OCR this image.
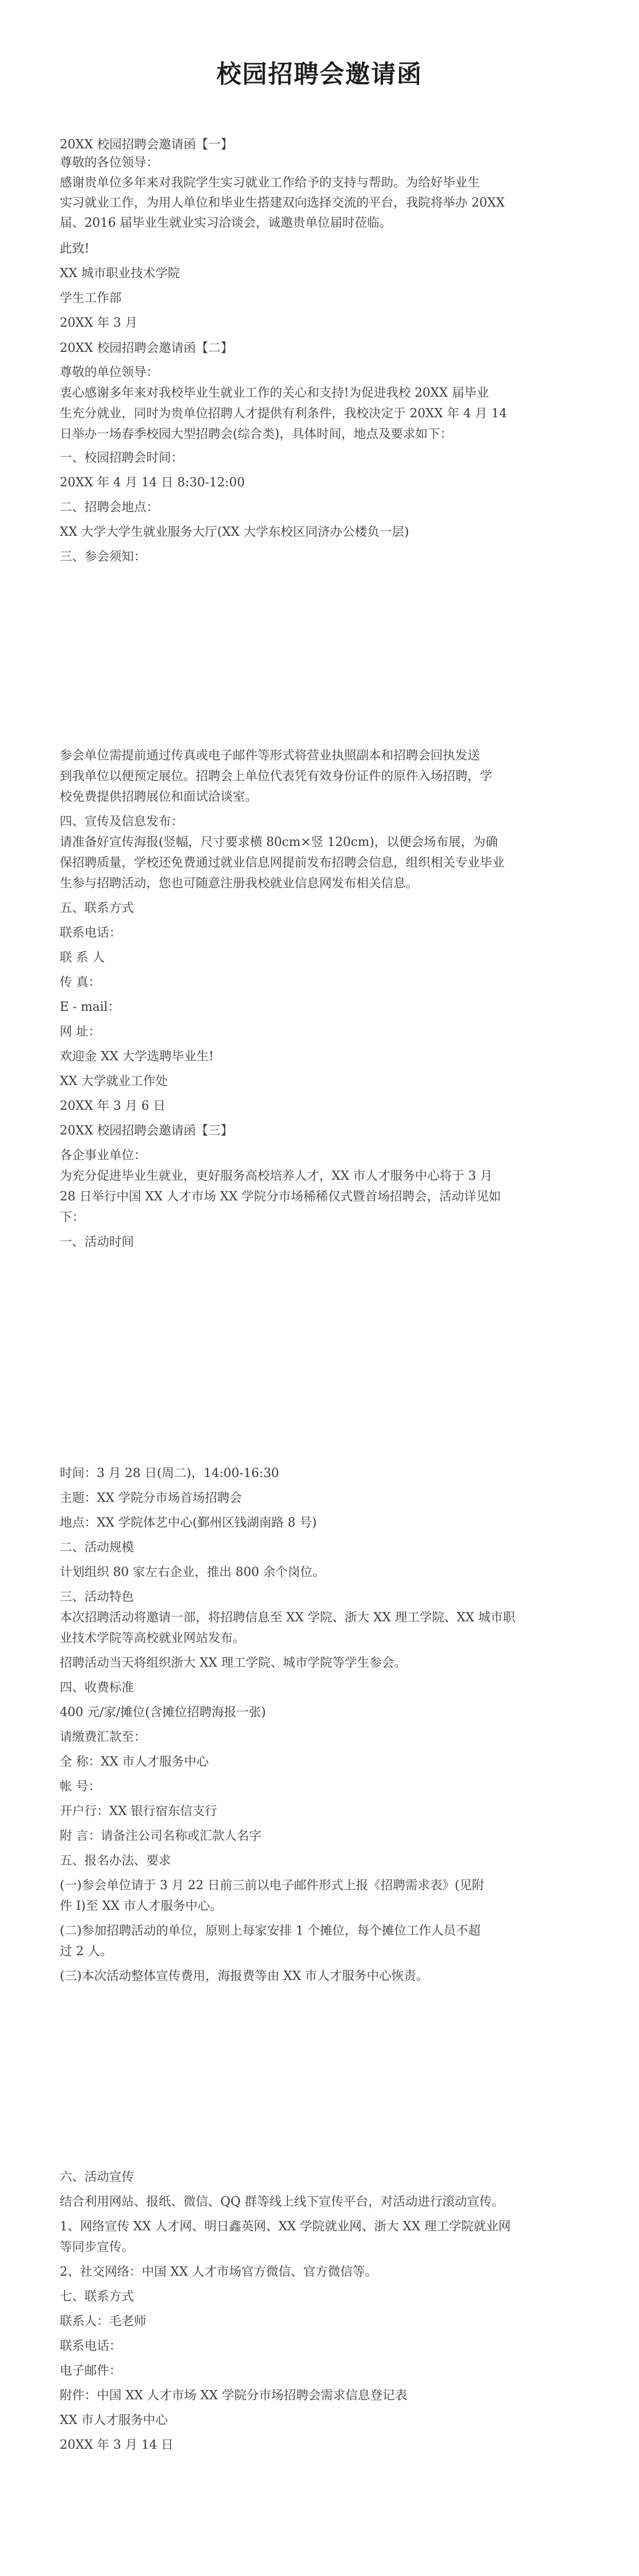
校园招聘会邀请函
20XX 校园招聘会邀请函【一】
尊敬的各位领导：
感谢贵单位多年来对我院学生实习就业工作给予的支持与帮助。为给好毕业生
实习就业工作，为用人单位和毕业生搭建双向选择交流的平台，我院将举办 20XX
届、2016 届毕业生就业实习洽谈会，诚邀贵单位届时莅临。
此致!
XX 城市职业技术学院
学生工作部
20XX 年 3 月
20XX 校园招聘会邀请函【二】
尊敬的单位领导：
衷心感谢多年来对我校毕业生就业工作的关心和支持!为促进我校 20XX 届毕业
生充分就业，同时为贵单位招聘人才提供有利条件，我校决定于 20XX 年 4 月 14
日举办一场春季校园大型招聘会(综合类)，具体时间，地点及要求如下：
一、校园招聘会时间：
20XX 年 4 月 14 日 8:30-12:00
二、招聘会地点：
XX 大学大学生就业服务大厅(XX 大学东校区同济办公楼负一层)
三、参会须知：
参会单位需提前通过传真或电子邮件等形式将营业执照副本和招聘会回执发送
到我单位以便预定展位。招聘会上单位代表凭有效身份证件的原件入场招聘，学
校免费提供招聘展位和面试洽谈室。
四、宣传及信息发布：
请准备好宣传海报(竖幅，尺寸要求横 80cm×竖 120cm)，以便会场布展，为确
保招聘质量，学校还免费通过就业信息网提前发布招聘会信息，组织相关专业毕业
生参与招聘活动，您也可随意注册我校就业信息网发布相关信息。
五、联系方式
联系电话：
联 系 人
传 真：
E - mail：
网 址：
欢迎金 XX 大学选聘毕业生!
XX 大学就业工作处
20XX 年 3 月 6 日
20XX 校园招聘会邀请函【三】
各企事业单位：
为充分促进毕业生就业，更好服务高校培养人才，XX 市人才服务中心将于 3 月
28 日举行中国 XX 人才市场 XX 学院分市场稀稀仅式暨首场招聘会，活动详见如
下：
一、活动时间
时间：3 月 28 日(周二)，14:00-16:30
主题：XX 学院分市场首场招聘会
地点：XX 学院体艺中心(鄞州区钱湖南路 8 号)
二、活动规模
计划组织 80 家左右企业，推出 800 余个岗位。
三、活动特色
本次招聘活动将邀请一部，将招聘信息至 XX 学院、浙大 XX 理工学院、XX 城市职
业技术学院等高校就业网站发布。
招聘活动当天将组织浙大 XX 理工学院、城市学院等学生参会。
四、收费标准
400 元/家/摊位(含摊位招聘海报一张)
请缴费汇款至：
全 称：XX 市人才服务中心
帐 号：
开户行：XX 银行宿东信支行
附 言：请备注公司名称或汇款人名字
五、报名办法、要求
(一)参会单位请于 3 月 22 日前三前以电子邮件形式上报《招聘需求表》(见附
件 I)至 XX 市人才服务中心。
(二)参加招聘活动的单位，原则上每家安排 1 个摊位，每个摊位工作人员不超
过 2 人。
(三)本次活动整体宣传费用，海报费等由 XX 市人才服务中心恢责。
六、活动宣传
结合利用网站、报纸、微信、QQ 群等线上线下宣传平台，对活动进行滚动宣传。
1、网络宣传 XX 人才网、明日鑫英网、XX 学院就业网、浙大 XX 理工学院就业网
等同步宣传。
2、社交网络：中国 XX 人才市场官方微信、官方微信等。
七、联系方式
联系人：毛老师
联系电话：
电子邮件：
附件：中国 XX 人才市场 XX 学院分市场招聘会需求信息登记表
XX 市人才服务中心
20XX 年 3 月 14 日
